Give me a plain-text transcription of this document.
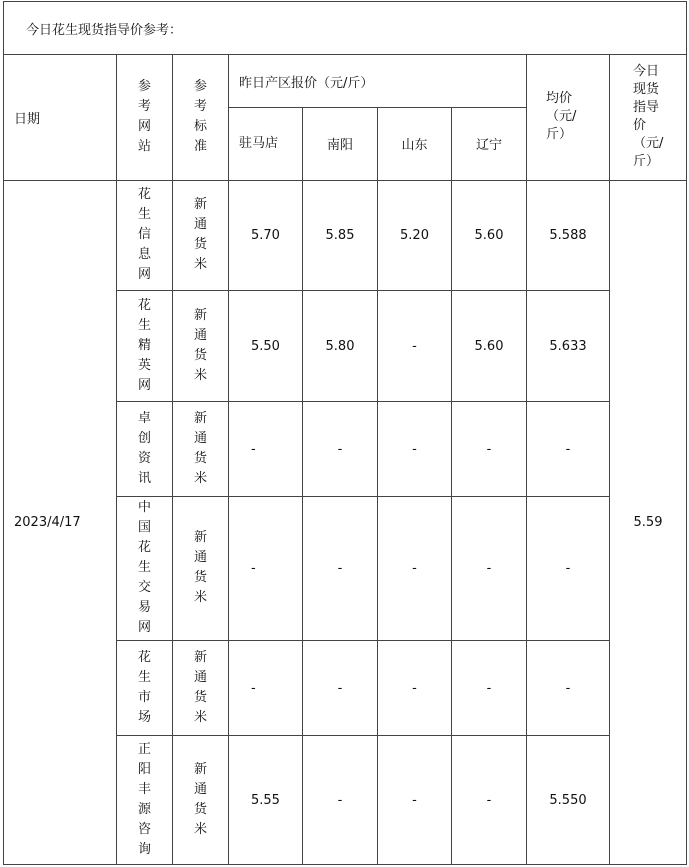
今日花生现货指导价参考：								
日期	参考网站	参考标准	昨日产区报价（元/斤）				均价（元/斤）	今日现货指导价（元/斤）
			驻马店	南阳	山东	辽宁		
2023/4/17	花生信息网	新通货米	5.70	5.85	5.20	5.60	5.588	5.59

	花生精英网	新通货米	5.50	5.80	-	5.60	5.633	

	卓创资讯	新通货米	-	-	-	-	-	

	中国花生交易网	新通货米	-	-	-	-	-	

	花生市场	新通货米	-	-	-	-	-	

	正阳丰源咨询	新通货米	5.55	-	-	-	5.550	
